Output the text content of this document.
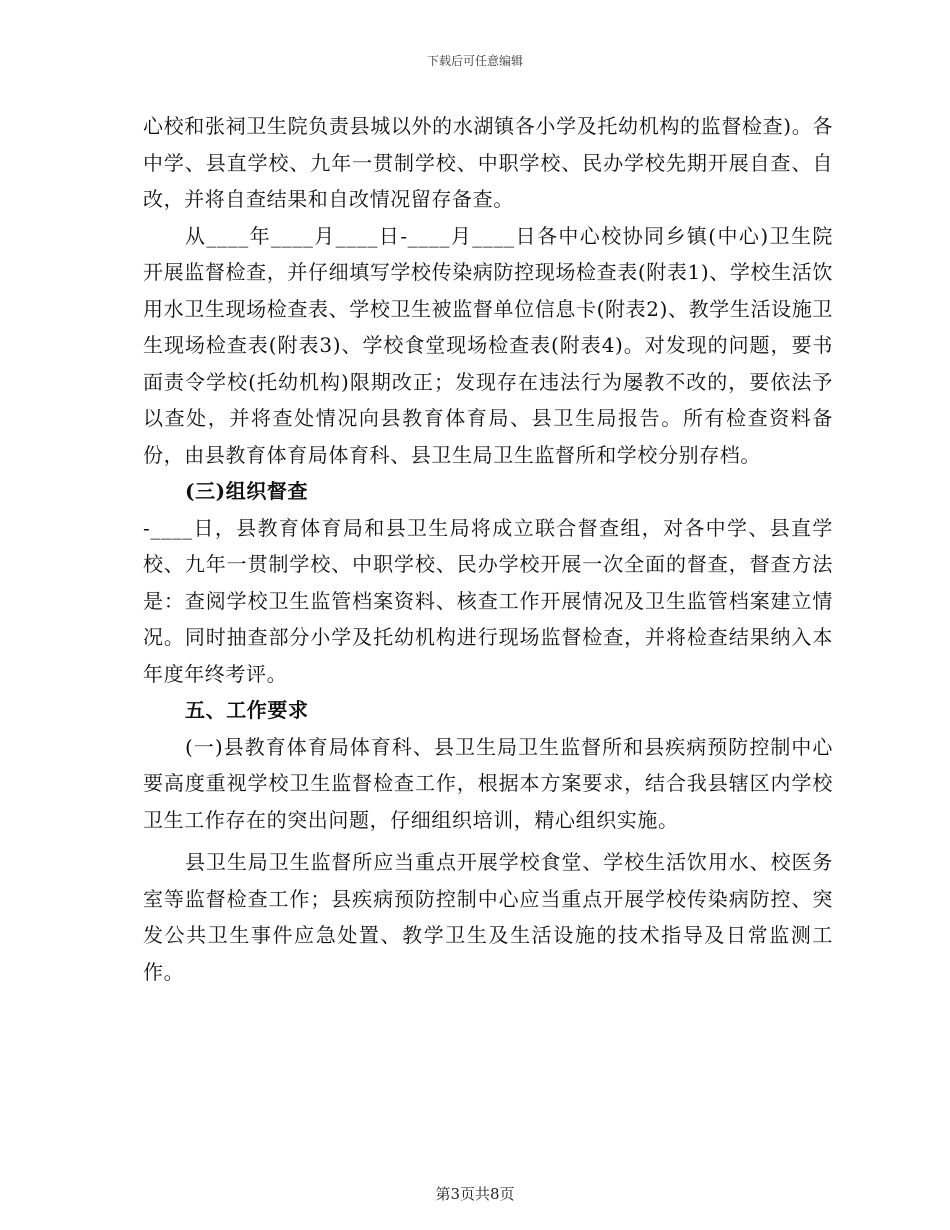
下载后可任意编辑

心校和张祠卫生院负责县城以外的水湖镇各小学及托幼机构的监督检查)。各中学、县直学校、九年一贯制学校、中职学校、民办学校先期开展自查、自改，并将自查结果和自改情况留存备查。

从____年____月____日-____月____日各中心校协同乡镇(中心)卫生院开展监督检查，并仔细填写学校传染病防控现场检查表(附表1)、学校生活饮用水卫生现场检查表、学校卫生被监督单位信息卡(附表2)、教学生活设施卫生现场检查表(附表3)、学校食堂现场检查表(附表4)。对发现的问题，要书面责令学校(托幼机构)限期改正；发现存在违法行为屡教不改的，要依法予以查处，并将查处情况向县教育体育局、县卫生局报告。所有检查资料备份，由县教育体育局体育科、县卫生局卫生监督所和学校分别存档。

(三)组织督查

-____日，县教育体育局和县卫生局将成立联合督查组，对各中学、县直学校、九年一贯制学校、中职学校、民办学校开展一次全面的督查，督查方法是：查阅学校卫生监管档案资料、核查工作开展情况及卫生监管档案建立情况。同时抽查部分小学及托幼机构进行现场监督检查，并将检查结果纳入本年度年终考评。

五、工作要求

(一)县教育体育局体育科、县卫生局卫生监督所和县疾病预防控制中心要高度重视学校卫生监督检查工作，根据本方案要求，结合我县辖区内学校卫生工作存在的突出问题，仔细组织培训，精心组织实施。

县卫生局卫生监督所应当重点开展学校食堂、学校生活饮用水、校医务室等监督检查工作；县疾病预防控制中心应当重点开展学校传染病防控、突发公共卫生事件应急处置、教学卫生及生活设施的技术指导及日常监测工作。

第3页共8页
